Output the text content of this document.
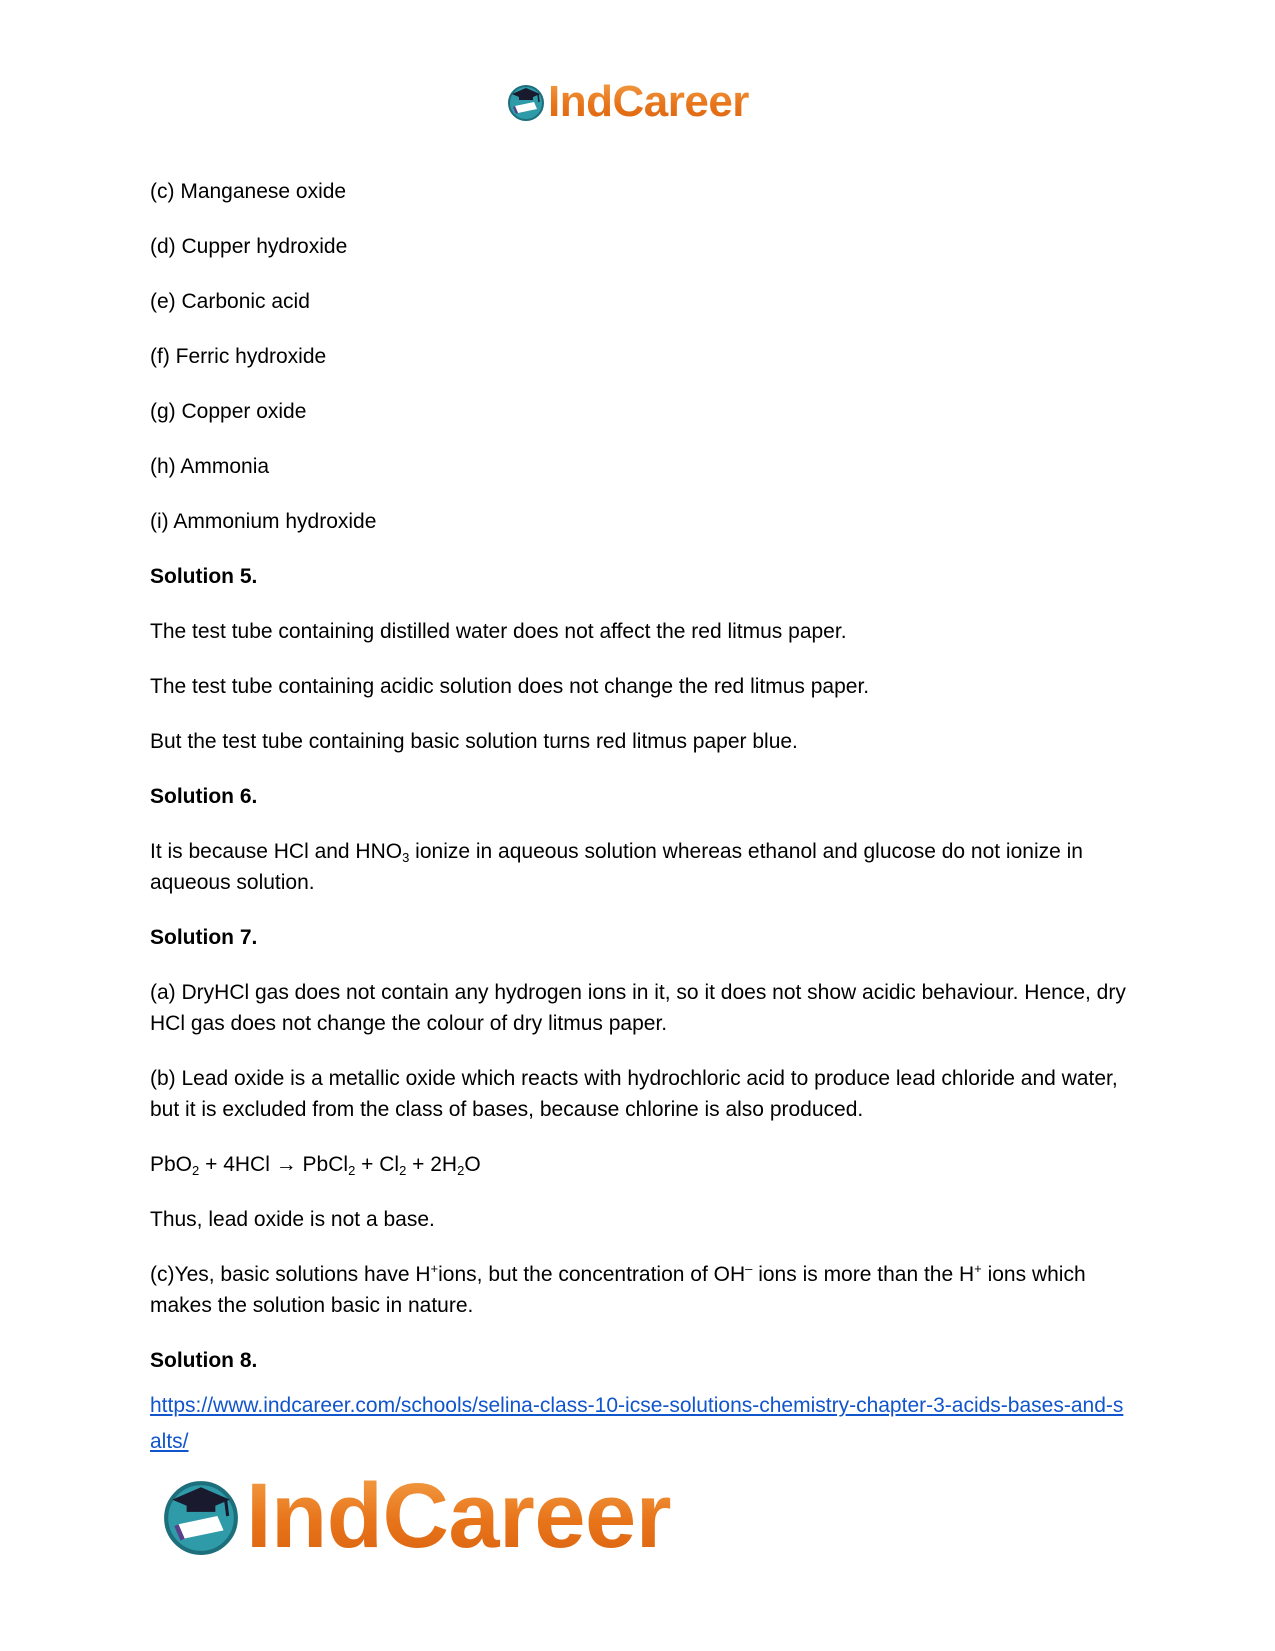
IndCareer

(c) Manganese oxide

(d) Cupper hydroxide

(e) Carbonic acid

(f) Ferric hydroxide

(g) Copper oxide

(h) Ammonia

(i) Ammonium hydroxide

Solution 5.

The test tube containing distilled water does not affect the red litmus paper.

The test tube containing acidic solution does not change the red litmus paper.

But the test tube containing basic solution turns red litmus paper blue.

Solution 6.

It is because HCl and $HNO_3$ ionize in aqueous solution whereas ethanol and glucose do not ionize in aqueous solution.

Solution 7.

(a) DryHCl gas does not contain any hydrogen ions in it, so it does not show acidic behaviour. Hence, dry HCl gas does not change the colour of dry litmus paper.

(b) Lead oxide is a metallic oxide which reacts with hydrochloric acid to produce lead chloride and water, but it is excluded from the class of bases, because chlorine is also produced.

PbO$_2$ + 4HCl → PbCl$_2$ + $Cl_2 + 2H_2O$

Thus, lead oxide is not a base.

(c)Yes, basic solutions have H+ions, but the concentration of OH– ions is more than the H+ ions which makes the solution basic in nature.

Solution 8.

https://www.indcareer.com/schools/selina-class-10-icse-solutions-chemistry-chapter-3-acids-bases-and-salts/
IndCareer
